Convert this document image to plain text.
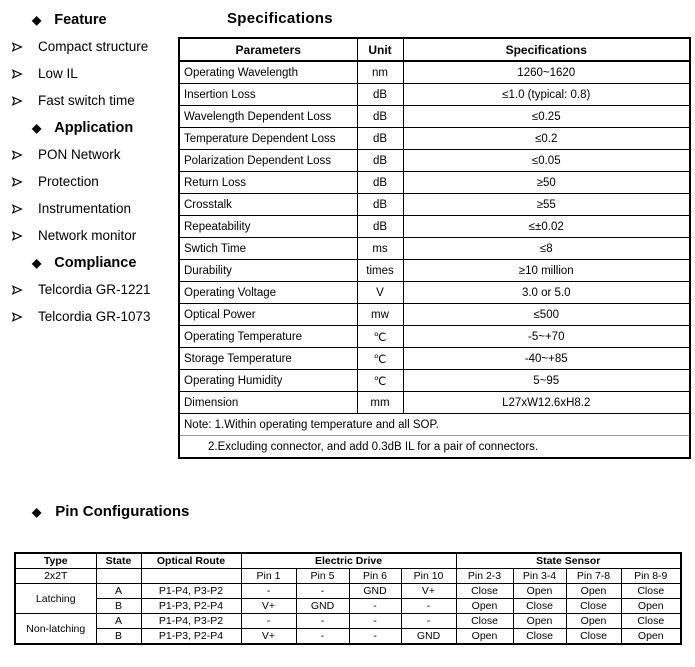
◆ Feature
Compact structure
Low IL
Fast switch time
◆ Application
PON Network
Protection
Instrumentation
Network monitor
◆ Compliance
Telcordia GR-1221
Telcordia GR-1073
Specifications
Parameters	Unit	Specifications
Operating Wavelength	nm	1260~1620
Insertion Loss	dB	≤1.0 (typical: 0.8)
Wavelength Dependent Loss	dB	≤0.25
Temperature Dependent Loss	dB	≤0.2
Polarization Dependent Loss	dB	≤0.05
Return Loss	dB	≥50
Crosstalk	dB	≥55
Repeatability	dB	≤±0.02
Swtich Time	ms	≤8
Durability	times	≥10 million
Operating Voltage	V	3.0 or 5.0
Optical Power	mw	≤500
Operating Temperature	℃	-5~+70
Storage Temperature	℃	-40~+85
Operating Humidity	℃	5~95
Dimension	mm	L27xW12.6xH8.2
Note: 1.Within operating temperature and all SOP.		
2.Excluding connector, and add 0.3dB IL for a pair of connectors.		
◆ Pin Configurations
Type	State	Optical Route	Electric Drive				State Sensor			
2x2T			Pin 1	Pin 5	Pin 6	Pin 10	Pin 2-3	Pin 3-4	Pin 7-8	Pin 8-9
Latching	A	P1-P4, P3-P2	-	-	GND	V+	Close	Open	Open	Close
	B	P1-P3, P2-P4	V+	GND	-	-	Open	Close	Close	Open
Non-latching	A	P1-P4, P3-P2	-	-	-	-	Close	Open	Open	Close
	B	P1-P3, P2-P4	V+	-	-	GND	Open	Close	Close	Open
